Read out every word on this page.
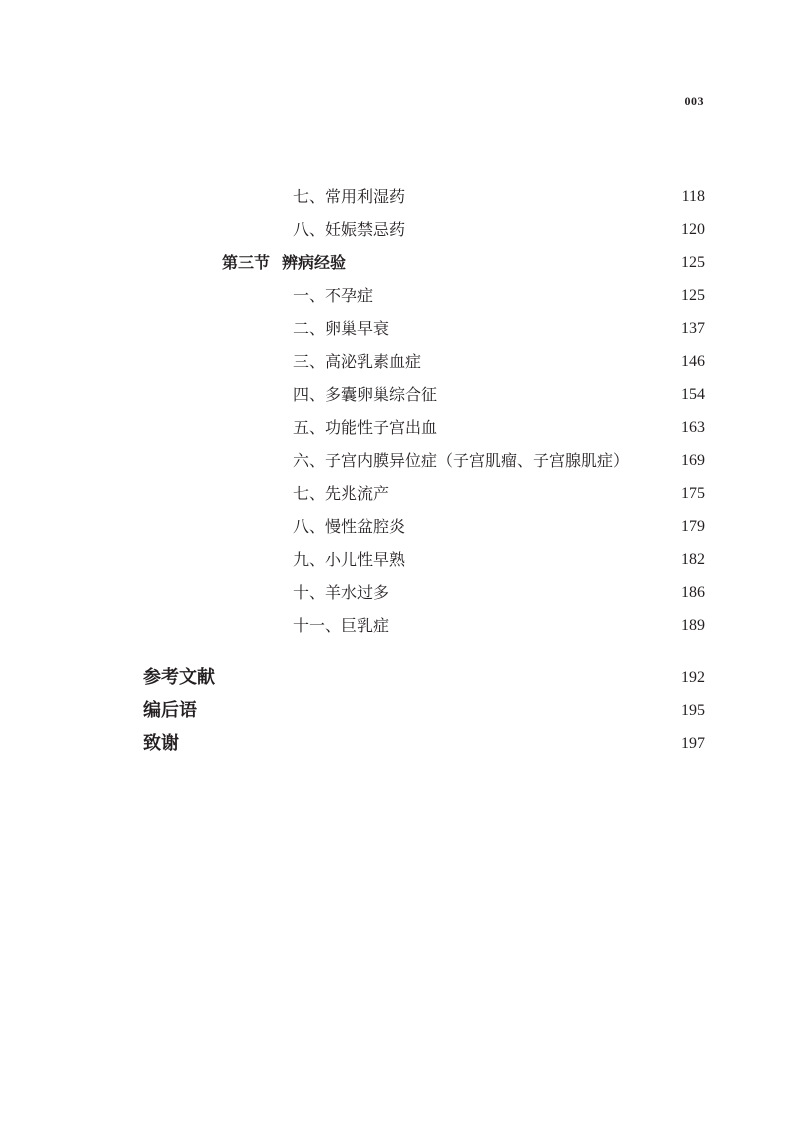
003
七、常用利湿药	118
八、妊娠禁忌药	120
第三节 辨病经验	125
一、不孕症	125
二、卵巢早衰	137
三、高泌乳素血症	146
四、多囊卵巢综合征	154
五、功能性子宫出血	163
六、子宫内膜异位症（子宫肌瘤、子宫腺肌症）	169
七、先兆流产	175
八、慢性盆腔炎	179
九、小儿性早熟	182
十、羊水过多	186
十一、巨乳症	189
参考文献	192
编后语	195
致谢	197
